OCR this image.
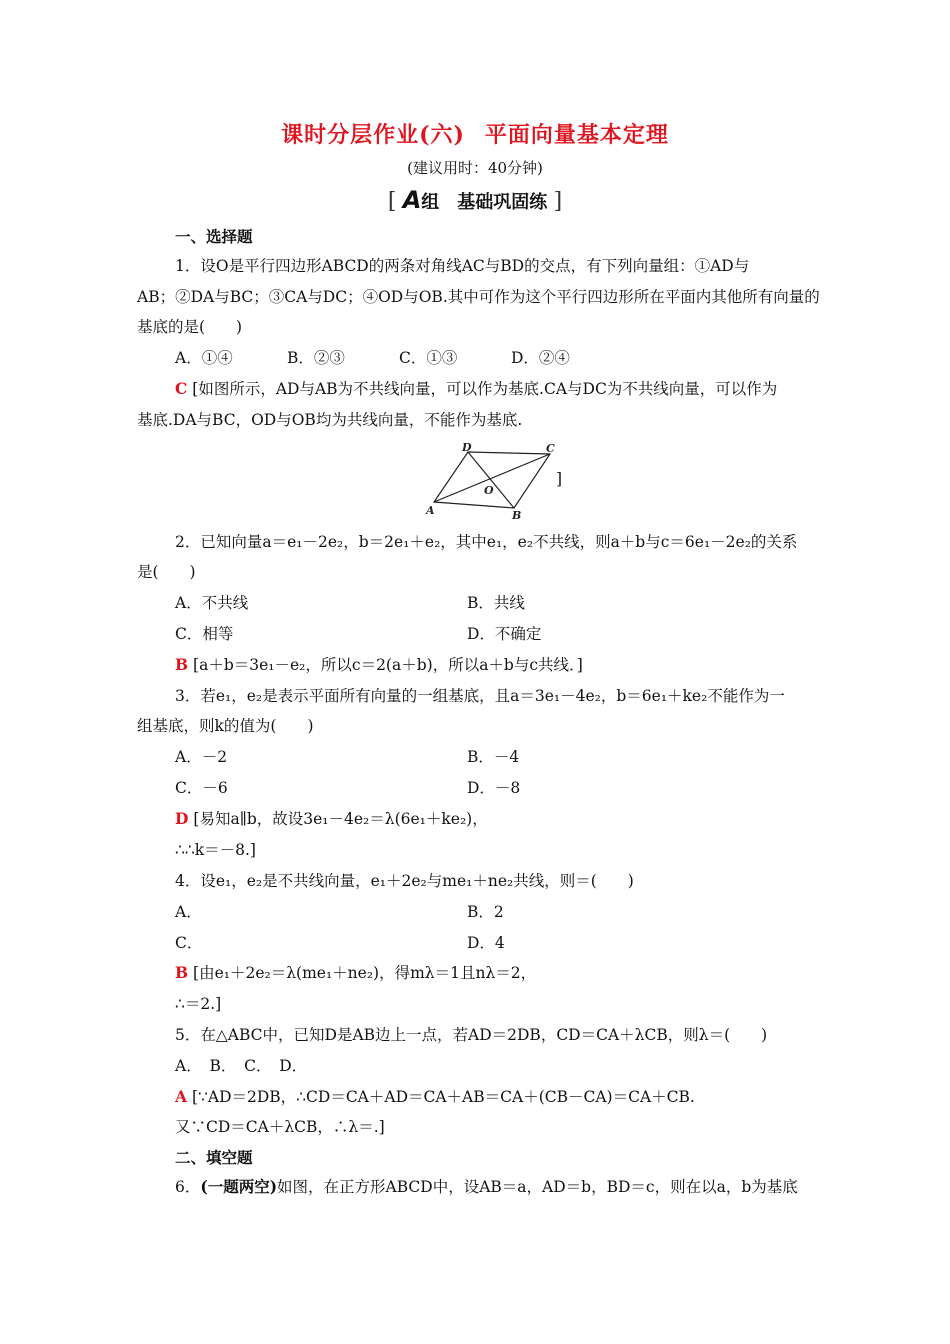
课时分层作业(六) 平面向量基本定理
(建议用时：40分钟)
[ A组　基础巩固练 ]
一、选择题
1．设O是平行四边形ABCD的两条对角线AC与BD的交点，有下列向量组：①AD与
AB；②DA与BC；③CA与DC；④OD与OB.其中可作为这个平行四边形所在平面内其他所有向量的
基底的是(　　)
A．①④	B．②③	C．①③	D．②④
C [如图所示，AD与AB为不共线向量，可以作为基底.CA与DC为不共线向量，可以作为
基底.DA与BC，OD与OB均为共线向量，不能作为基底.
A	B
C
D
O
]
2．已知向量a＝e₁－2e₂，b＝2e₁＋e₂，其中e₁，e₂不共线，则a＋b与c＝6e₁－2e₂的关系
是(　　)
A．不共线	B．共线
C．相等	D．不确定
B [a＋b＝3e₁－e₂，所以c＝2(a＋b)，所以a＋b与c共线．]
3．若e₁，e₂是表示平面所有向量的一组基底，且a＝3e₁－4e₂，b＝6e₁＋ke₂不能作为一
组基底，则k的值为(　　)
A．－2	B．－4
C．－6	D．－8
D [易知a∥b，故设3e₁－4e₂＝λ(6e₁＋ke₂)，
∴∴k＝－8.]
4．设e₁，e₂是不共线向量，e₁＋2e₂与me₁＋ne₂共线，则＝(　　)
A．	B．2
C．	D．4
B [由e₁＋2e₂＝λ(me₁＋ne₂)，得mλ＝1且nλ＝2，
∴＝2.]
5．在△ABC中，已知D是AB边上一点，若AD＝2DB，CD＝CA＋λCB，则λ＝(　　)
A．　B．　C．　D．
A [∵AD＝2DB，∴CD＝CA＋AD＝CA＋AB＝CA＋(CB－CA)＝CA＋CB.
又∵CD＝CA＋λCB，∴λ＝.]
二、填空题
6．(一题两空)如图，在正方形ABCD中，设AB＝a，AD＝b，BD＝c，则在以a，b为基底
